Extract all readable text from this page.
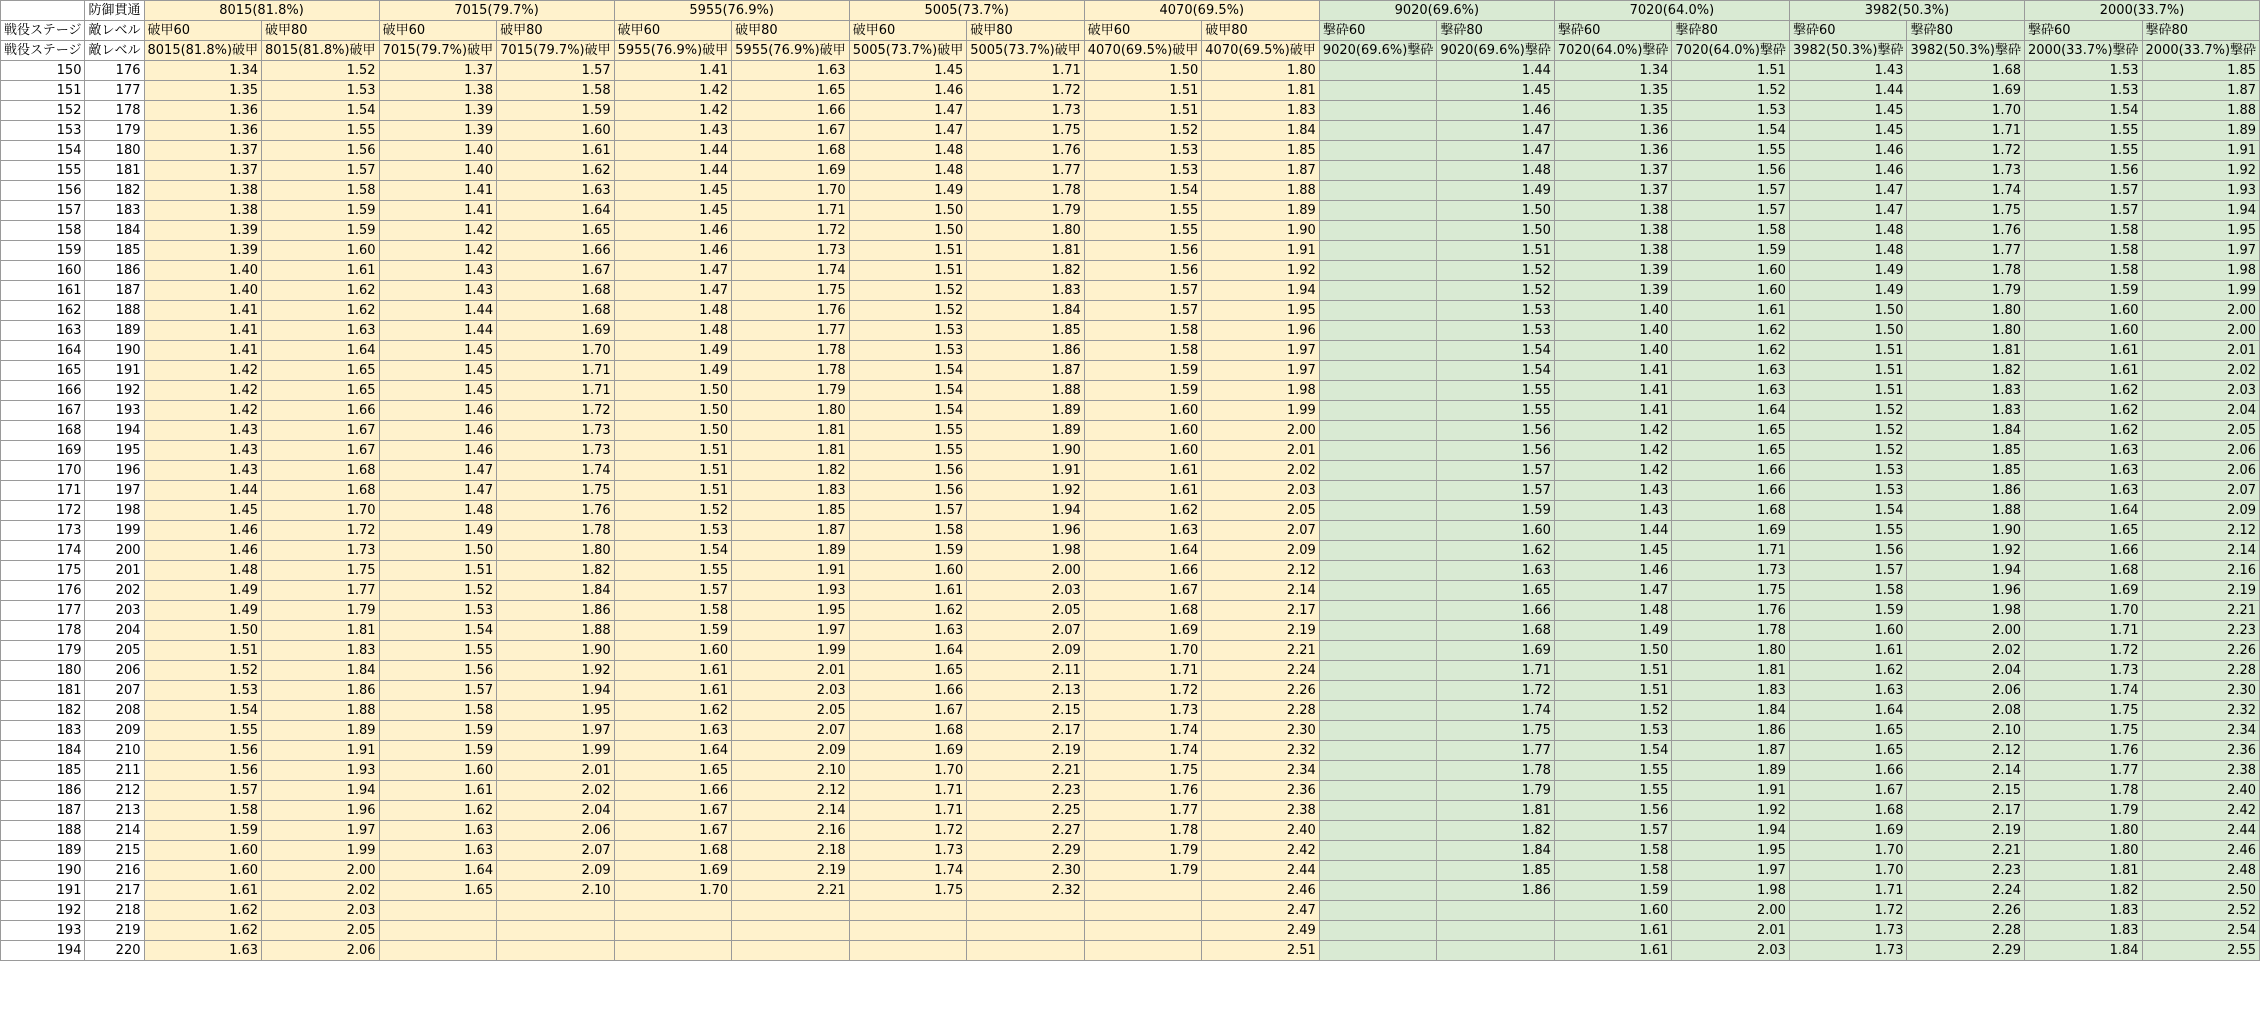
	防御貫通	8015(81.8%)		7015(79.7%)		5955(76.9%)		5005(73.7%)		4070(69.5%)		9020(69.6%)		7020(64.0%)		3982(50.3%)		2000(33.7%)	
戦役ステージ	敵レベル	破甲60	破甲80	破甲60	破甲80	破甲60	破甲80	破甲60	破甲80	破甲60	破甲80	撃砕60	撃砕80	撃砕60	撃砕80	撃砕60	撃砕80	撃砕60	撃砕80
戦役ステージ	敵レベル	8015(81.8%)破甲	8015(81.8%)破甲	7015(79.7%)破甲	7015(79.7%)破甲	5955(76.9%)破甲	5955(76.9%)破甲	5005(73.7%)破甲	5005(73.7%)破甲	4070(69.5%)破甲	4070(69.5%)破甲	9020(69.6%)撃砕	9020(69.6%)撃砕	7020(64.0%)撃砕	7020(64.0%)撃砕	3982(50.3%)撃砕	3982(50.3%)撃砕	2000(33.7%)撃砕	2000(33.7%)撃砕
150	176	1.34	1.52	1.37	1.57	1.41	1.63	1.45	1.71	1.50	1.80		1.44	1.34	1.51	1.43	1.68	1.53	1.85
151	177	1.35	1.53	1.38	1.58	1.42	1.65	1.46	1.72	1.51	1.81		1.45	1.35	1.52	1.44	1.69	1.53	1.87
152	178	1.36	1.54	1.39	1.59	1.42	1.66	1.47	1.73	1.51	1.83		1.46	1.35	1.53	1.45	1.70	1.54	1.88
153	179	1.36	1.55	1.39	1.60	1.43	1.67	1.47	1.75	1.52	1.84		1.47	1.36	1.54	1.45	1.71	1.55	1.89
154	180	1.37	1.56	1.40	1.61	1.44	1.68	1.48	1.76	1.53	1.85		1.47	1.36	1.55	1.46	1.72	1.55	1.91
155	181	1.37	1.57	1.40	1.62	1.44	1.69	1.48	1.77	1.53	1.87		1.48	1.37	1.56	1.46	1.73	1.56	1.92
156	182	1.38	1.58	1.41	1.63	1.45	1.70	1.49	1.78	1.54	1.88		1.49	1.37	1.57	1.47	1.74	1.57	1.93
157	183	1.38	1.59	1.41	1.64	1.45	1.71	1.50	1.79	1.55	1.89		1.50	1.38	1.57	1.47	1.75	1.57	1.94
158	184	1.39	1.59	1.42	1.65	1.46	1.72	1.50	1.80	1.55	1.90		1.50	1.38	1.58	1.48	1.76	1.58	1.95
159	185	1.39	1.60	1.42	1.66	1.46	1.73	1.51	1.81	1.56	1.91		1.51	1.38	1.59	1.48	1.77	1.58	1.97
160	186	1.40	1.61	1.43	1.67	1.47	1.74	1.51	1.82	1.56	1.92		1.52	1.39	1.60	1.49	1.78	1.58	1.98
161	187	1.40	1.62	1.43	1.68	1.47	1.75	1.52	1.83	1.57	1.94		1.52	1.39	1.60	1.49	1.79	1.59	1.99
162	188	1.41	1.62	1.44	1.68	1.48	1.76	1.52	1.84	1.57	1.95		1.53	1.40	1.61	1.50	1.80	1.60	2.00
163	189	1.41	1.63	1.44	1.69	1.48	1.77	1.53	1.85	1.58	1.96		1.53	1.40	1.62	1.50	1.80	1.60	2.00
164	190	1.41	1.64	1.45	1.70	1.49	1.78	1.53	1.86	1.58	1.97		1.54	1.40	1.62	1.51	1.81	1.61	2.01
165	191	1.42	1.65	1.45	1.71	1.49	1.78	1.54	1.87	1.59	1.97		1.54	1.41	1.63	1.51	1.82	1.61	2.02
166	192	1.42	1.65	1.45	1.71	1.50	1.79	1.54	1.88	1.59	1.98		1.55	1.41	1.63	1.51	1.83	1.62	2.03
167	193	1.42	1.66	1.46	1.72	1.50	1.80	1.54	1.89	1.60	1.99		1.55	1.41	1.64	1.52	1.83	1.62	2.04
168	194	1.43	1.67	1.46	1.73	1.50	1.81	1.55	1.89	1.60	2.00		1.56	1.42	1.65	1.52	1.84	1.62	2.05
169	195	1.43	1.67	1.46	1.73	1.51	1.81	1.55	1.90	1.60	2.01		1.56	1.42	1.65	1.52	1.85	1.63	2.06
170	196	1.43	1.68	1.47	1.74	1.51	1.82	1.56	1.91	1.61	2.02		1.57	1.42	1.66	1.53	1.85	1.63	2.06
171	197	1.44	1.68	1.47	1.75	1.51	1.83	1.56	1.92	1.61	2.03		1.57	1.43	1.66	1.53	1.86	1.63	2.07
172	198	1.45	1.70	1.48	1.76	1.52	1.85	1.57	1.94	1.62	2.05		1.59	1.43	1.68	1.54	1.88	1.64	2.09
173	199	1.46	1.72	1.49	1.78	1.53	1.87	1.58	1.96	1.63	2.07		1.60	1.44	1.69	1.55	1.90	1.65	2.12
174	200	1.46	1.73	1.50	1.80	1.54	1.89	1.59	1.98	1.64	2.09		1.62	1.45	1.71	1.56	1.92	1.66	2.14
175	201	1.48	1.75	1.51	1.82	1.55	1.91	1.60	2.00	1.66	2.12		1.63	1.46	1.73	1.57	1.94	1.68	2.16
176	202	1.49	1.77	1.52	1.84	1.57	1.93	1.61	2.03	1.67	2.14		1.65	1.47	1.75	1.58	1.96	1.69	2.19
177	203	1.49	1.79	1.53	1.86	1.58	1.95	1.62	2.05	1.68	2.17		1.66	1.48	1.76	1.59	1.98	1.70	2.21
178	204	1.50	1.81	1.54	1.88	1.59	1.97	1.63	2.07	1.69	2.19		1.68	1.49	1.78	1.60	2.00	1.71	2.23
179	205	1.51	1.83	1.55	1.90	1.60	1.99	1.64	2.09	1.70	2.21		1.69	1.50	1.80	1.61	2.02	1.72	2.26
180	206	1.52	1.84	1.56	1.92	1.61	2.01	1.65	2.11	1.71	2.24		1.71	1.51	1.81	1.62	2.04	1.73	2.28
181	207	1.53	1.86	1.57	1.94	1.61	2.03	1.66	2.13	1.72	2.26		1.72	1.51	1.83	1.63	2.06	1.74	2.30
182	208	1.54	1.88	1.58	1.95	1.62	2.05	1.67	2.15	1.73	2.28		1.74	1.52	1.84	1.64	2.08	1.75	2.32
183	209	1.55	1.89	1.59	1.97	1.63	2.07	1.68	2.17	1.74	2.30		1.75	1.53	1.86	1.65	2.10	1.75	2.34
184	210	1.56	1.91	1.59	1.99	1.64	2.09	1.69	2.19	1.74	2.32		1.77	1.54	1.87	1.65	2.12	1.76	2.36
185	211	1.56	1.93	1.60	2.01	1.65	2.10	1.70	2.21	1.75	2.34		1.78	1.55	1.89	1.66	2.14	1.77	2.38
186	212	1.57	1.94	1.61	2.02	1.66	2.12	1.71	2.23	1.76	2.36		1.79	1.55	1.91	1.67	2.15	1.78	2.40
187	213	1.58	1.96	1.62	2.04	1.67	2.14	1.71	2.25	1.77	2.38		1.81	1.56	1.92	1.68	2.17	1.79	2.42
188	214	1.59	1.97	1.63	2.06	1.67	2.16	1.72	2.27	1.78	2.40		1.82	1.57	1.94	1.69	2.19	1.80	2.44
189	215	1.60	1.99	1.63	2.07	1.68	2.18	1.73	2.29	1.79	2.42		1.84	1.58	1.95	1.70	2.21	1.80	2.46
190	216	1.60	2.00	1.64	2.09	1.69	2.19	1.74	2.30	1.79	2.44		1.85	1.58	1.97	1.70	2.23	1.81	2.48
191	217	1.61	2.02	1.65	2.10	1.70	2.21	1.75	2.32		2.46		1.86	1.59	1.98	1.71	2.24	1.82	2.50
192	218	1.62	2.03								2.47			1.60	2.00	1.72	2.26	1.83	2.52
193	219	1.62	2.05								2.49			1.61	2.01	1.73	2.28	1.83	2.54
194	220	1.63	2.06								2.51			1.61	2.03	1.73	2.29	1.84	2.55
